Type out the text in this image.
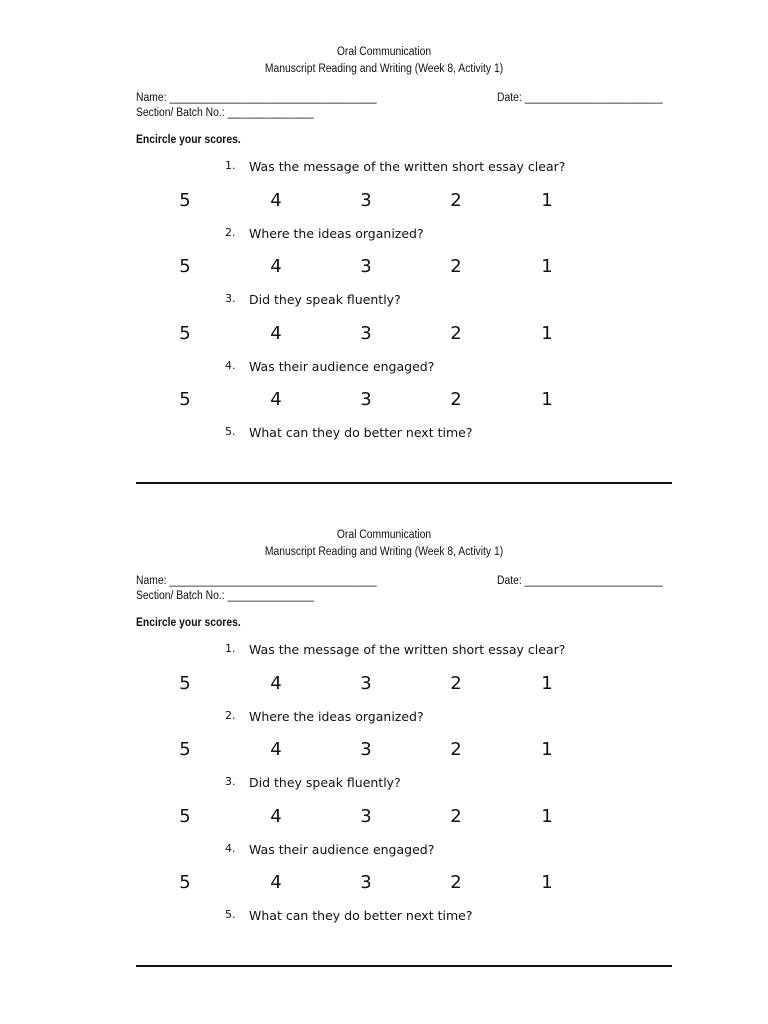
Oral Communication
Manuscript Reading and Writing (Week 8, Activity 1)
Name: ____________________________________	Date: ________________________
Section/ Batch No.: _______________
Encircle your scores.
1. Was the message of the written short essay clear?
5	4	3	2	1
2. Where the ideas organized?
5	4	3	2	1
3. Did they speak fluently?
5	4	3	2	1
4. Was their audience engaged?
5	4	3	2	1
5. What can they do better next time?
Oral Communication
Manuscript Reading and Writing (Week 8, Activity 1)
Name: ____________________________________	Date: ________________________
Section/ Batch No.: _______________
Encircle your scores.
1. Was the message of the written short essay clear?
5	4	3	2	1
2. Where the ideas organized?
5	4	3	2	1
3. Did they speak fluently?
5	4	3	2	1
4. Was their audience engaged?
5	4	3	2	1
5. What can they do better next time?
